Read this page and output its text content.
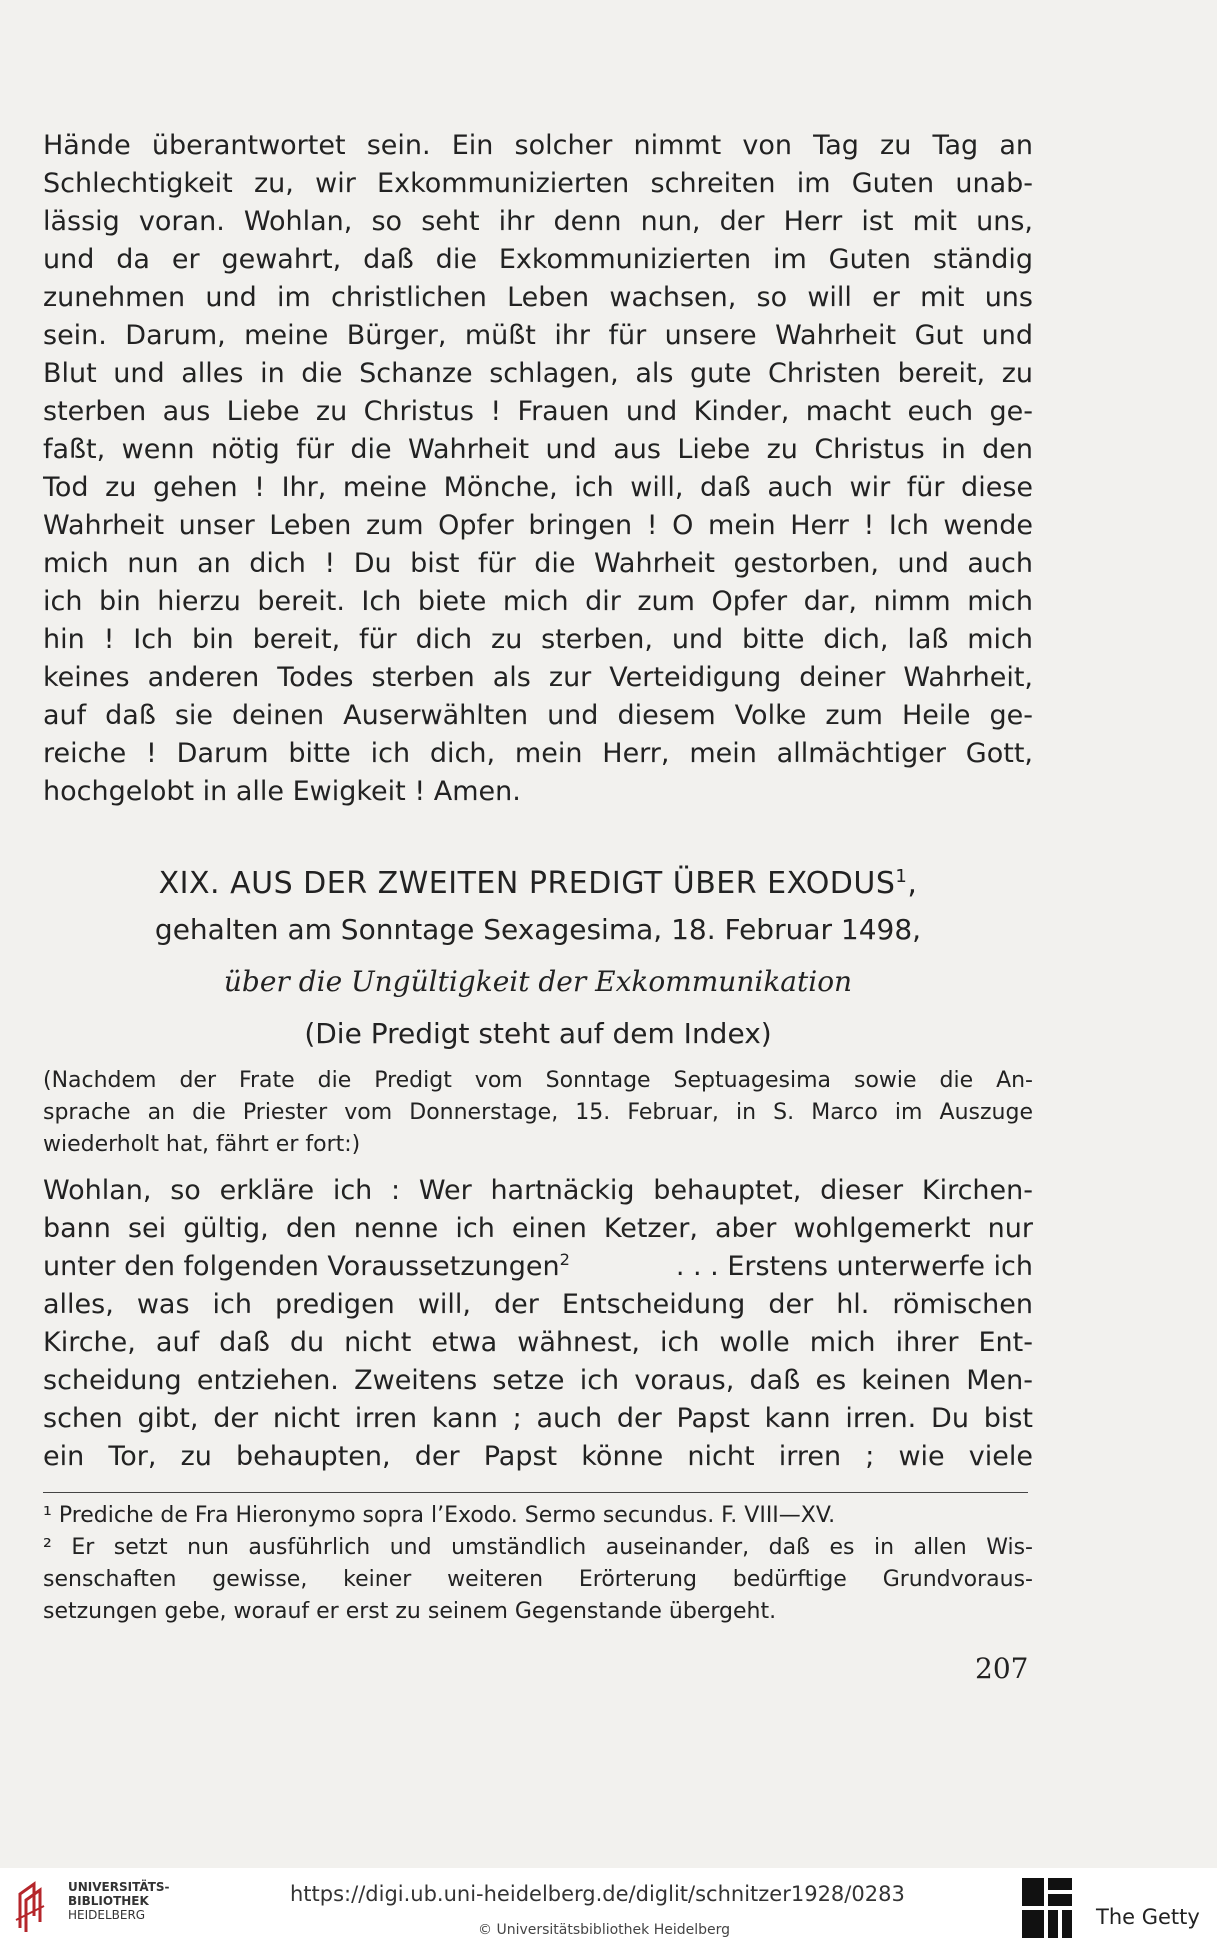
Hände überantwortet sein. Ein solcher nimmt von Tag zu Tag an
Schlechtigkeit zu, wir Exkommunizierten schreiten im Guten unab-
lässig voran. Wohlan, so seht ihr denn nun, der Herr ist mit uns,
und da er gewahrt, daß die Exkommunizierten im Guten ständig
zunehmen und im christlichen Leben wachsen, so will er mit uns
sein. Darum, meine Bürger, müßt ihr für unsere Wahrheit Gut und
Blut und alles in die Schanze schlagen, als gute Christen bereit, zu
sterben aus Liebe zu Christus ! Frauen und Kinder, macht euch ge-
faßt, wenn nötig für die Wahrheit und aus Liebe zu Christus in den
Tod zu gehen ! Ihr, meine Mönche, ich will, daß auch wir für diese
Wahrheit unser Leben zum Opfer bringen ! O mein Herr ! Ich wende
mich nun an dich ! Du bist für die Wahrheit gestorben, und auch
ich bin hierzu bereit. Ich biete mich dir zum Opfer dar, nimm mich
hin ! Ich bin bereit, für dich zu sterben, und bitte dich, laß mich
keines anderen Todes sterben als zur Verteidigung deiner Wahrheit,
auf daß sie deinen Auserwählten und diesem Volke zum Heile ge-
reiche ! Darum bitte ich dich, mein Herr, mein allmächtiger Gott,
hochgelobt in alle Ewigkeit ! Amen.
XIX. AUS DER ZWEITEN PREDIGT ÜBER EXODUS$^1$,
gehalten am Sonntage Sexagesima, 18. Februar 1498,
über die Ungültigkeit der Exkommunikation
(Die Predigt steht auf dem Index)
(Nachdem der Frate die Predigt vom Sonntage Septuagesima sowie die An-
sprache an die Priester vom Donnerstage, 15. Februar, in S. Marco im Auszuge
wiederholt hat, fährt er fort:)
Wohlan, so erkläre ich : Wer hartnäckig behauptet, dieser Kirchen-
bann sei gültig, den nenne ich einen Ketzer, aber wohlgemerkt nur
unter den folgenden Voraussetzungen$^2$	. . . Erstens unterwerfe ich
alles, was ich predigen will, der Entscheidung der hl. römischen
Kirche, auf daß du nicht etwa wähnest, ich wolle mich ihrer Ent-
scheidung entziehen. Zweitens setze ich voraus, daß es keinen Men-
schen gibt, der nicht irren kann ; auch der Papst kann irren. Du bist
ein Tor, zu behaupten, der Papst könne nicht irren ; wie viele
¹ Prediche de Fra Hieronymo sopra l’Exodo. Sermo secundus. F. VIII—XV.
² Er setzt nun ausführlich und umständlich auseinander, daß es in allen Wis-
senschaften gewisse, keiner weiteren Erörterung bedürftige Grundvoraus-
setzungen gebe, worauf er erst zu seinem Gegenstande übergeht.
207
UNIVERSITÄTS-
BIBLIOTHEK
HEIDELBERG
https://digi.ub.uni-heidelberg.de/diglit/schnitzer1928/0283
© Universitätsbibliothek Heidelberg
The Getty
